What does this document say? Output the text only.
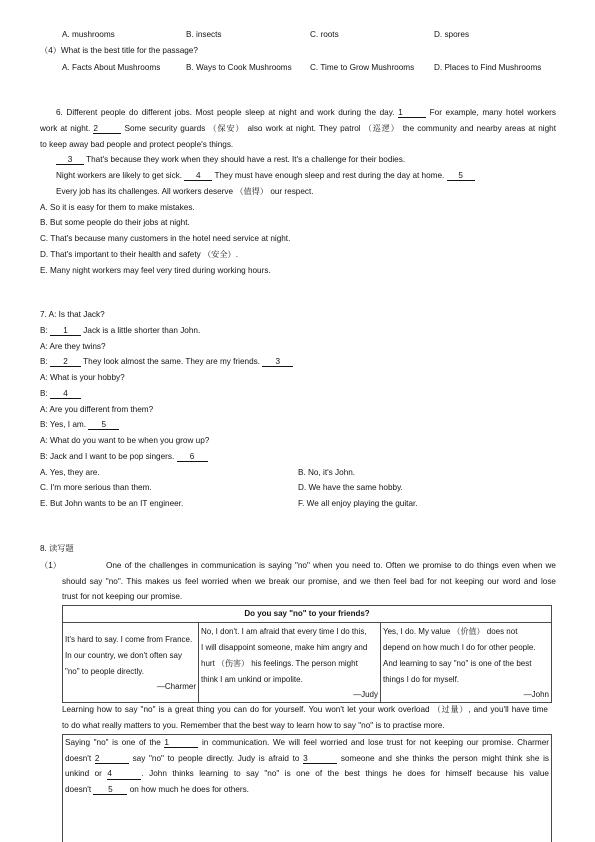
A. mushrooms	B. insects	C. roots	D. spores
（4）What is the best title for the passage?
A. Facts About Mushrooms	B. Ways to Cook Mushrooms	C. Time to Grow Mushrooms	D. Places to Find Mushrooms
6. Different people do different jobs. Most people sleep at night and work during the day. 1	For example, many hotel workers
work at night. 2	Some security guards （保安） also work at night. They patrol （巡逻） the community and nearby areas at night
to keep away bad people and protect people's things.
3 That's because they work when they should have a rest. It's a challenge for their bodies.
Night workers are likely to get sick. 4 They must have enough sleep and rest during the day at home. 5
Every job has its challenges. All workers deserve （值得） our respect.
A. So it is easy for them to make mistakes.
B. But some people do their jobs at night.
C. That's because many customers in the hotel need service at night.
D. That's important to their health and safety （安全）.
E. Many night workers may feel very tired during working hours.
7. A: Is that Jack?
B: 1 Jack is a little shorter than John.
A: Are they twins?
B: 2 They look almost the same. They are my friends. 3
A: What is your hobby?
B: 4
A: Are you different from them?
B: Yes, I am. 5
A: What do you want to be when you grow up?
B: Jack and I want to be pop singers. 6
A. Yes, they are.	B. No, it's John.
C. I'm more serious than them.	D. We have the same hobby.
E. But John wants to be an IT engineer.	F. We all enjoy playing the guitar.
8. 读写题
（1）	One of the challenges in communication is saying "no" when you need to. Often we promise to do things even when we
should say "no". This makes us feel worried when we break our promise, and we then feel bad for not keeping our word and lose
trust for not keeping our promise.
Do you say "no" to your friends?
It's hard to say. I come from France.
In our country, we don't often say
"no" to people directly.
—Charmer
No, I don't. I am afraid that every time I do this,
I will disappoint someone, make him angry and
hurt （伤害） his feelings. The person might
think I am unkind or impolite.
—Judy
Yes, I do. My value （价值） does not
depend on how much I do for other people.
And learning to say "no" is one of the best
things I do for myself.
—John
Learning how to say "no" is a great thing you can do for yourself. You won't let your work overload （过量）, and you'll have time
to do what really matters to you. Remember that the best way to learn how to say "no" is to practise more.
Saying "no" is one of the 1	in communication. We will feel worried and lose trust for not keeping our promise. Charmer
doesn't 2	say "no" to people directly. Judy is afraid to 3	someone and she thinks the person might think she is
unkind or 4	. John thinks learning to say "no" is one of the best things he does for himself because his value
doesn't 5 on how much he does for others.
